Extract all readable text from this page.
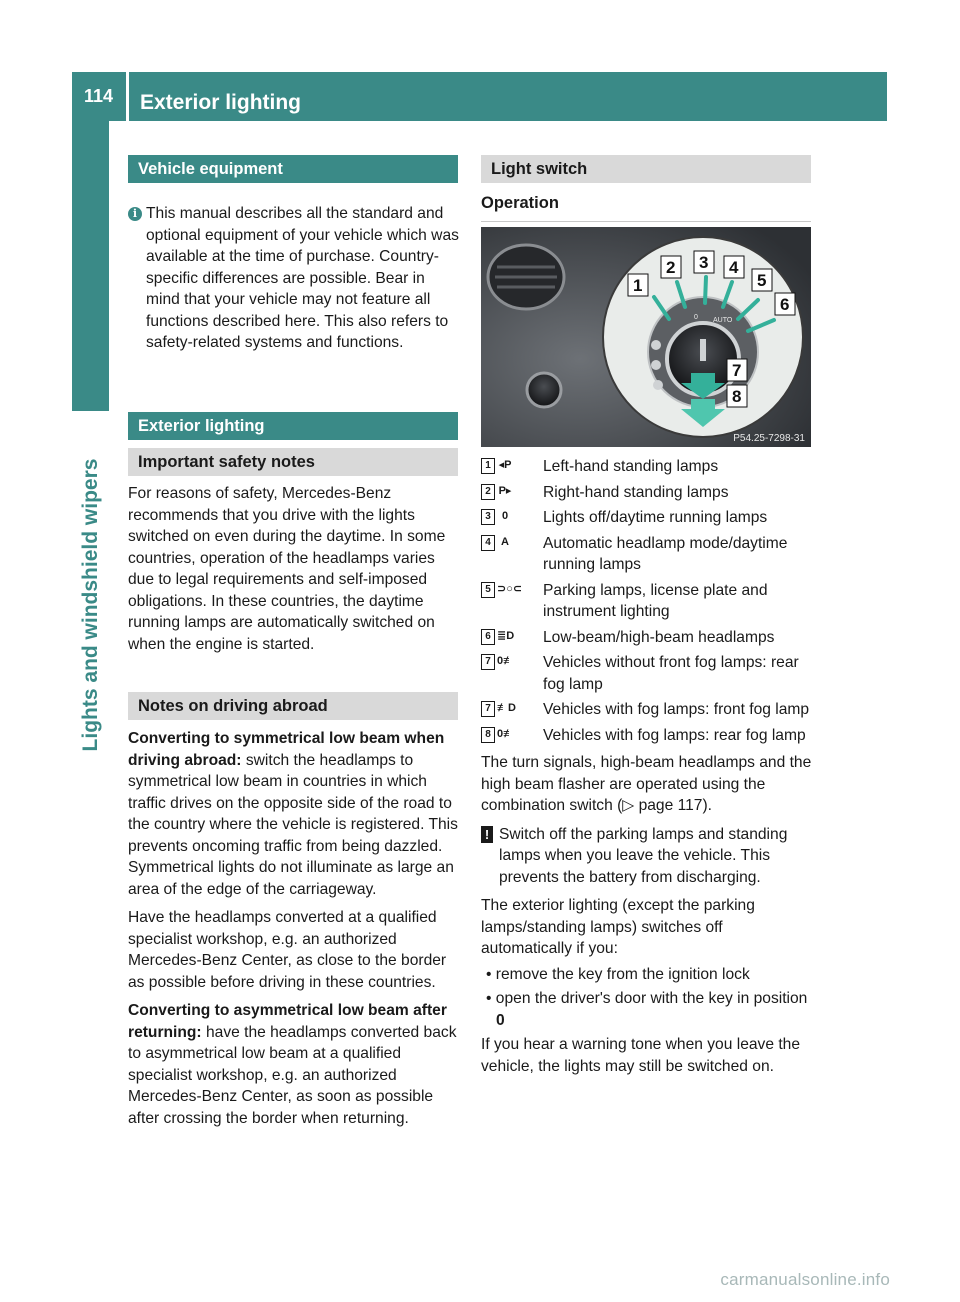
114	Exterior lighting
Lights and windshield wipers
Vehicle equipment

i This manual describes all the standard and optional equipment of your vehicle which was available at the time of purchase. Country-specific differences are possible. Bear in mind that your vehicle may not feature all functions described here. This also refers to safety-related systems and functions.

Exterior lighting
Important safety notes

For reasons of safety, Mercedes-Benz recommends that you drive with the lights switched on even during the daytime. In some countries, operation of the headlamps varies due to legal requirements and self-imposed obligations. In these countries, the daytime running lamps are automatically switched on when the engine is started.

Notes on driving abroad

Converting to symmetrical low beam when driving abroad: switch the headlamps to symmetrical low beam in countries in which traffic drives on the opposite side of the road to the country where the vehicle is registered. This prevents oncoming traffic from being dazzled. Symmetrical lights do not illuminate as large an area of the edge of the carriageway.

Have the headlamps converted at a qualified specialist workshop, e.g. an authorized Mercedes-Benz Center, as close to the border as possible before driving in these countries.

Converting to asymmetrical low beam after returning: have the headlamps converted back to asymmetrical low beam at a qualified specialist workshop, e.g. an authorized Mercedes-Benz Center, as soon as possible after crossing the border when returning.

Light switch
Operation
0 AUTO
1
2 3 4
5
6
7
8
P54.25-7298-31
1 ◂P Left-hand standing lamps
2 P▸ Right-hand standing lamps
3	0	Lights off/daytime running lamps
4 A Automatic headlamp mode/daytime running lamps
5 ⊃○⊂ Parking lamps, license plate and instrument lighting
6 ≣D Low-beam/high-beam headlamps
7 0≢ Vehicles without front fog lamps: rear fog lamp
7 ≢D Vehicles with fog lamps: front fog lamp
8 0≢ Vehicles with fog lamps: rear fog lamp

The turn signals, high-beam headlamps and the high beam flasher are operated using the combination switch (▷ page 117).

! Switch off the parking lamps and standing lamps when you leave the vehicle. This prevents the battery from discharging.

The exterior lighting (except the parking lamps/standing lamps) switches off automatically if you:

• remove the key from the ignition lock

• open the driver's door with the key in position 0

If you hear a warning tone when you leave the vehicle, the lights may still be switched on.

carmanualsonline.info
